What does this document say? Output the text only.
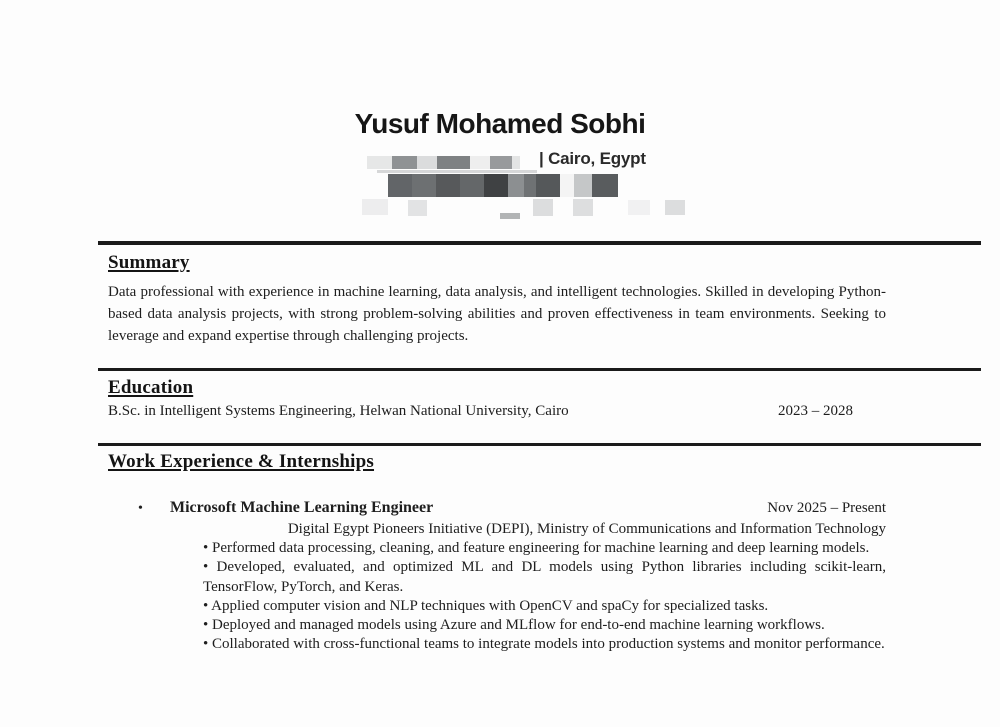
Yusuf Mohamed Sobhi
| Cairo, Egypt
Summary

Data professional with experience in machine learning, data analysis, and intelligent technologies. Skilled in developing Python-based data analysis projects, with strong problem-solving abilities and proven effectiveness in team environments. Seeking to leverage and expand expertise through challenging projects.

Education
B.Sc. in Intelligent Systems Engineering, Helwan National University, Cairo	2023 – 2028
Work Experience & Internships
•	Microsoft Machine Learning Engineer	Nov 2025 – Present
Digital Egypt Pioneers Initiative (DEPI), Ministry of Communications and Information Technology

• Performed data processing, cleaning, and feature engineering for machine learning and deep learning models.

• Developed, evaluated, and optimized ML and DL models using Python libraries including scikit-learn, TensorFlow, PyTorch, and Keras.

• Applied computer vision and NLP techniques with OpenCV and spaCy for specialized tasks.

• Deployed and managed models using Azure and MLflow for end-to-end machine learning workflows.

• Collaborated with cross-functional teams to integrate models into production systems and monitor performance.
